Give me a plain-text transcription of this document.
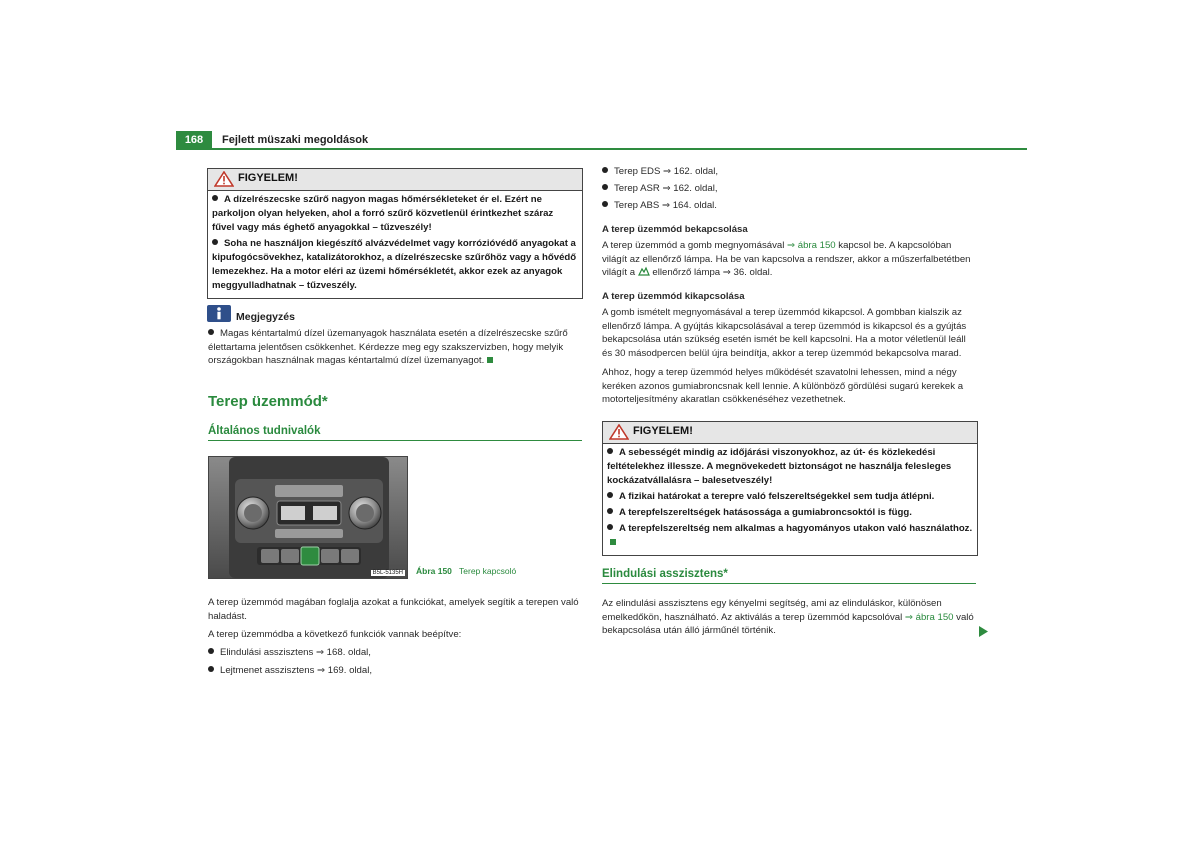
168	Fejlett müszaki megoldások
FIGYELEM!

A dízelrészecske szűrő nagyon magas hőmérsékleteket ér el. Ezért ne parkoljon olyan helyeken, ahol a forró szűrő közvetlenül érintkezhet száraz fűvel vagy más éghető anyagokkal – tűzveszély!

Soha ne használjon kiegészítő alvázvédelmet vagy korrózióvédő anyagokat a kipufogócsövekhez, katalizátorokhoz, a dízelrészecske szűrőhöz vagy a hővédő lemezekhez. Ha a motor eléri az üzemi hőmérsékletét, akkor ezek az anyagok meggyulladhatnak – tűzveszély.

Megjegyzés
Magas kéntartalmú dízel üzemanyagok használata esetén a dízelrészecske szűrő élettartama jelentősen csökkenhet. Kérdezze meg egy szakszervizben, hogy melyik országokban használnak magas kéntartalmú dízel üzemanyagot.
Terep üzemmód*
Általános tudnivalók
B5L-5135H Ábra 150 Terep kapcsoló
A terep üzemmód magában foglalja azokat a funkciókat, amelyek segítik a terepen való haladást.
A terep üzemmódba a következő funkciók vannak beépítve:
Elindulási asszisztens ⇒ 168. oldal,
Lejtmenet asszisztens ⇒ 169. oldal,
Terep EDS ⇒ 162. oldal,
Terep ASR ⇒ 162. oldal,
Terep ABS ⇒ 164. oldal.
A terep üzemmód bekapcsolása
A terep üzemmód a gomb megnyomásával ⇒ ábra 150 kapcsol be. A kapcsolóban világít az ellenőrző lámpa. Ha be van kapcsolva a rendszer, akkor a műszerfalbetétben világít a  ellenőrző lámpa ⇒ 36. oldal.
A terep üzemmód kikapcsolása
A gomb ismételt megnyomásával a terep üzemmód kikapcsol. A gombban kialszik az ellenőrző lámpa. A gyújtás kikapcsolásával a terep üzemmód is kikapcsol és a gyújtás bekapcsolása után szükség esetén ismét be kell kapcsolni. Ha a motor véletlenül leáll és 30 másodpercen belül újra beindítja, akkor a terep üzemmód bekapcsolva marad.
Ahhoz, hogy a terep üzemmód helyes működését szavatolni lehessen, mind a négy keréken azonos gumiabroncsnak kell lennie. A különböző gördülési sugarú kerekek a motorteljesítmény akaratlan csökkenéséhez vezethetnek.
FIGYELEM!

A sebességét mindig az időjárási viszonyokhoz, az út- és közlekedési feltételekhez illessze. A megnövekedett biztonságot ne használja felesleges kockázatvállalásra – balesetveszély!

A fizikai határokat a terepre való felszereltségekkel sem tudja átlépni.

A terepfelszereltségek hatásossága a gumiabroncsoktól is függ.

A terepfelszereltség nem alkalmas a hagyományos utakon való használathoz.

Elindulási asszisztens*
Az elindulási asszisztens egy kényelmi segítség, ami az elinduláskor, különösen emelkedőkön, használható. Az aktiválás a terep üzemmód kapcsolóval ⇒ ábra 150 való bekapcsolása után álló járműnél történik.
